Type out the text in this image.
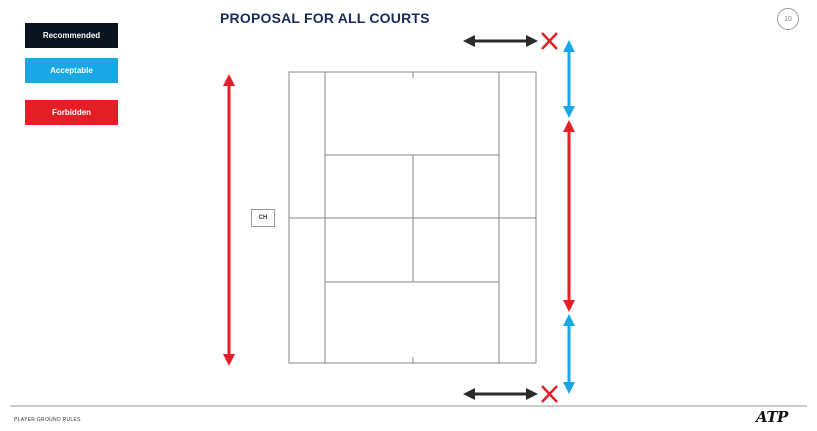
Recommended
Acceptable
Forbidden
PROPOSAL FOR ALL COURTS	10
CH
PLAYER GROUND RULES	ATP
